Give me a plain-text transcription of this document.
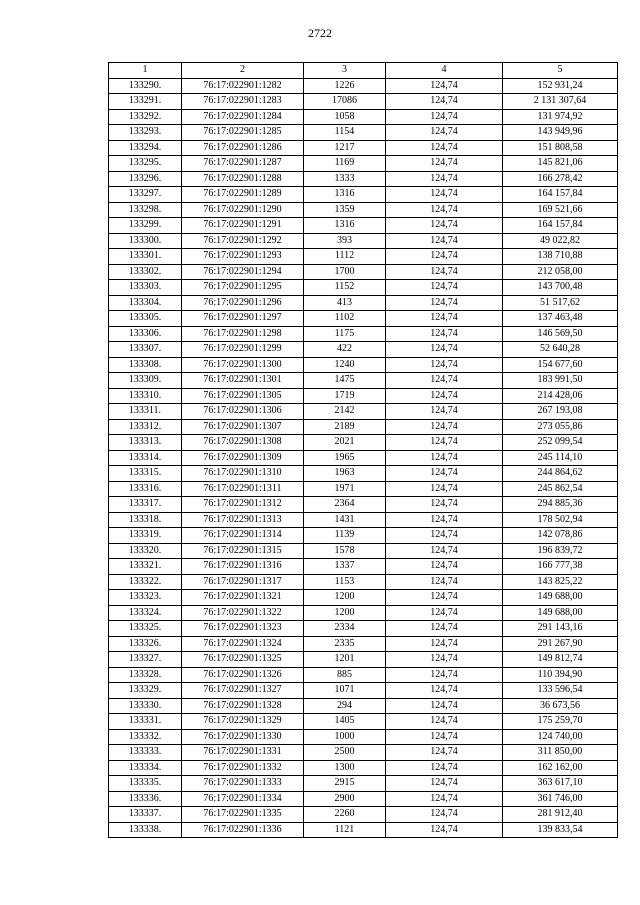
2722
1	2	3	4	5
133290.	76:17:022901:1282	1226	124,74	152 931,24
133291.	76:17:022901:1283	17086	124,74	2 131 307,64
133292.	76:17:022901:1284	1058	124,74	131 974,92
133293.	76:17:022901:1285	1154	124,74	143 949,96
133294.	76:17:022901:1286	1217	124,74	151 808,58
133295.	76:17:022901:1287	1169	124,74	145 821,06
133296.	76:17:022901:1288	1333	124,74	166 278,42
133297.	76:17:022901:1289	1316	124,74	164 157,84
133298.	76:17:022901:1290	1359	124,74	169 521,66
133299.	76:17:022901:1291	1316	124,74	164 157,84
133300.	76:17:022901:1292	393	124,74	49 022,82
133301.	76:17:022901:1293	1112	124,74	138 710,88
133302.	76:17:022901:1294	1700	124,74	212 058,00
133303.	76:17:022901:1295	1152	124,74	143 700,48
133304.	76:17:022901:1296	413	124,74	51 517,62
133305.	76:17:022901:1297	1102	124,74	137 463,48
133306.	76:17:022901:1298	1175	124,74	146 569,50
133307.	76:17:022901:1299	422	124,74	52 640,28
133308.	76:17:022901:1300	1240	124,74	154 677,60
133309.	76:17:022901:1301	1475	124,74	183 991,50
133310.	76:17:022901:1305	1719	124,74	214 428,06
133311.	76:17:022901:1306	2142	124,74	267 193,08
133312.	76:17:022901:1307	2189	124,74	273 055,86
133313.	76:17:022901:1308	2021	124,74	252 099,54
133314.	76:17:022901:1309	1965	124,74	245 114,10
133315.	76:17:022901:1310	1963	124,74	244 864,62
133316.	76:17:022901:1311	1971	124,74	245 862,54
133317.	76:17:022901:1312	2364	124,74	294 885,36
133318.	76:17:022901:1313	1431	124,74	178 502,94
133319.	76:17:022901:1314	1139	124,74	142 078,86
133320.	76:17:022901:1315	1578	124,74	196 839,72
133321.	76:17:022901:1316	1337	124,74	166 777,38
133322.	76:17:022901:1317	1153	124,74	143 825,22
133323.	76:17:022901:1321	1200	124,74	149 688,00
133324.	76:17:022901:1322	1200	124,74	149 688,00
133325.	76:17:022901:1323	2334	124,74	291 143,16
133326.	76:17:022901:1324	2335	124,74	291 267,90
133327.	76:17:022901:1325	1201	124,74	149 812,74
133328.	76:17:022901:1326	885	124,74	110 394,90
133329.	76:17:022901:1327	1071	124,74	133 596,54
133330.	76:17:022901:1328	294	124,74	36 673,56
133331.	76:17:022901:1329	1405	124,74	175 259,70
133332.	76:17:022901:1330	1000	124,74	124 740,00
133333.	76:17:022901:1331	2500	124,74	311 850,00
133334.	76:17:022901:1332	1300	124,74	162 162,00
133335.	76:17:022901:1333	2915	124,74	363 617,10
133336.	76:17:022901:1334	2900	124,74	361 746,00
133337.	76:17:022901:1335	2260	124,74	281 912,40
133338.	76:17:022901:1336	1121	124,74	139 833,54
